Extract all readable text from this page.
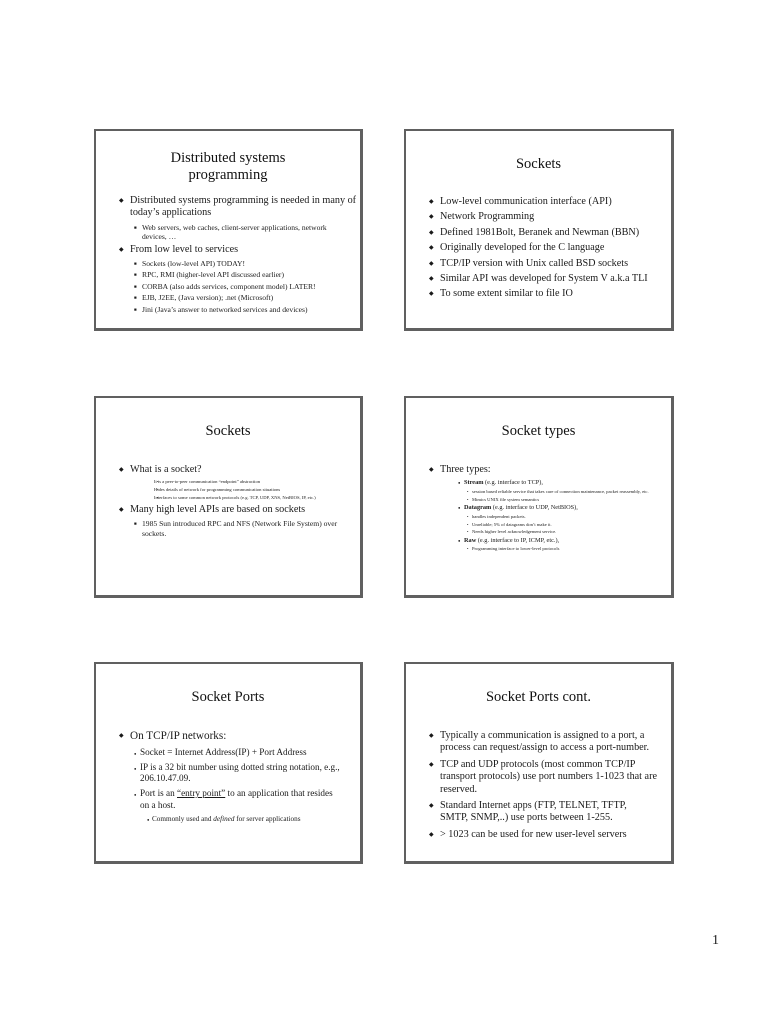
Distributed systems
programming
◆ Distributed systems programming is needed in many of today’s applications
■ Web servers, web caches, client-server applications, network devices, …
◆ From low level to services
■ Sockets (low-level API) TODAY!
■ RPC, RMI (higher-level API discussed earlier)
■ CORBA (also adds services, component model) LATER!
■ EJB, J2EE, (Java version); .net (Microsoft)
■ Jini (Java’s answer to networked services and devices)
Sockets
◆ Low-level communication interface (API)
◆ Network Programming
◆ Defined 1981Bolt, Beranek and Newman (BBN)
◆ Originally developed for the C language
◆ TCP/IP version with Unix called BSD sockets
◆ Similar API was developed for System V a.k.a TLI
◆ To some extent similar to file IO
Sockets
◆ What is a socket?
• It is a peer-to-peer communication “endpoint” abstraction
• Hides details of network for programming communication situations
• Interfaces to some common network protocols (e.g. TCP, UDP, XNS, NetBIOS, IP, etc.)
◆ Many high level APIs are based on sockets
■ 1985 Sun introduced RPC and NFS (Network File System) over sockets.
Socket types
◆ Three types:
● Stream (e.g. interface to TCP),
• session based reliable service that takes care of connection maintenance, packet reassembly, etc.
• Mimics UNIX file system semantics
● Datagram (e.g. interface to UDP, NetBIOS),
• handles independent packets.
• Unreliable; 5% of datagrams don’t make it.
• Needs higher level acknowledgement service.
● Raw (e.g. interface to IP, ICMP, etc.),
• Programming interface to lower-level protocols
Socket Ports
◆ On TCP/IP networks:
● Socket = Internet Address(IP) + Port Address
● IP is a 32 bit number using dotted string notation, e.g., 206.10.47.09.
● Port is an “entry point” to an application that resides on a host.
● Commonly used and defined for server applications
Socket Ports cont.
◆ Typically a communication is assigned to a port, a process can request/assign to access a port-number.
◆ TCP and UDP protocols (most common TCP/IP transport protocols) use port numbers 1-1023 that are reserved.
◆ Standard Internet apps (FTP, TELNET, TFTP, SMTP, SNMP,..) use ports between 1-255.
◆ > 1023 can be used for new user-level servers
1
